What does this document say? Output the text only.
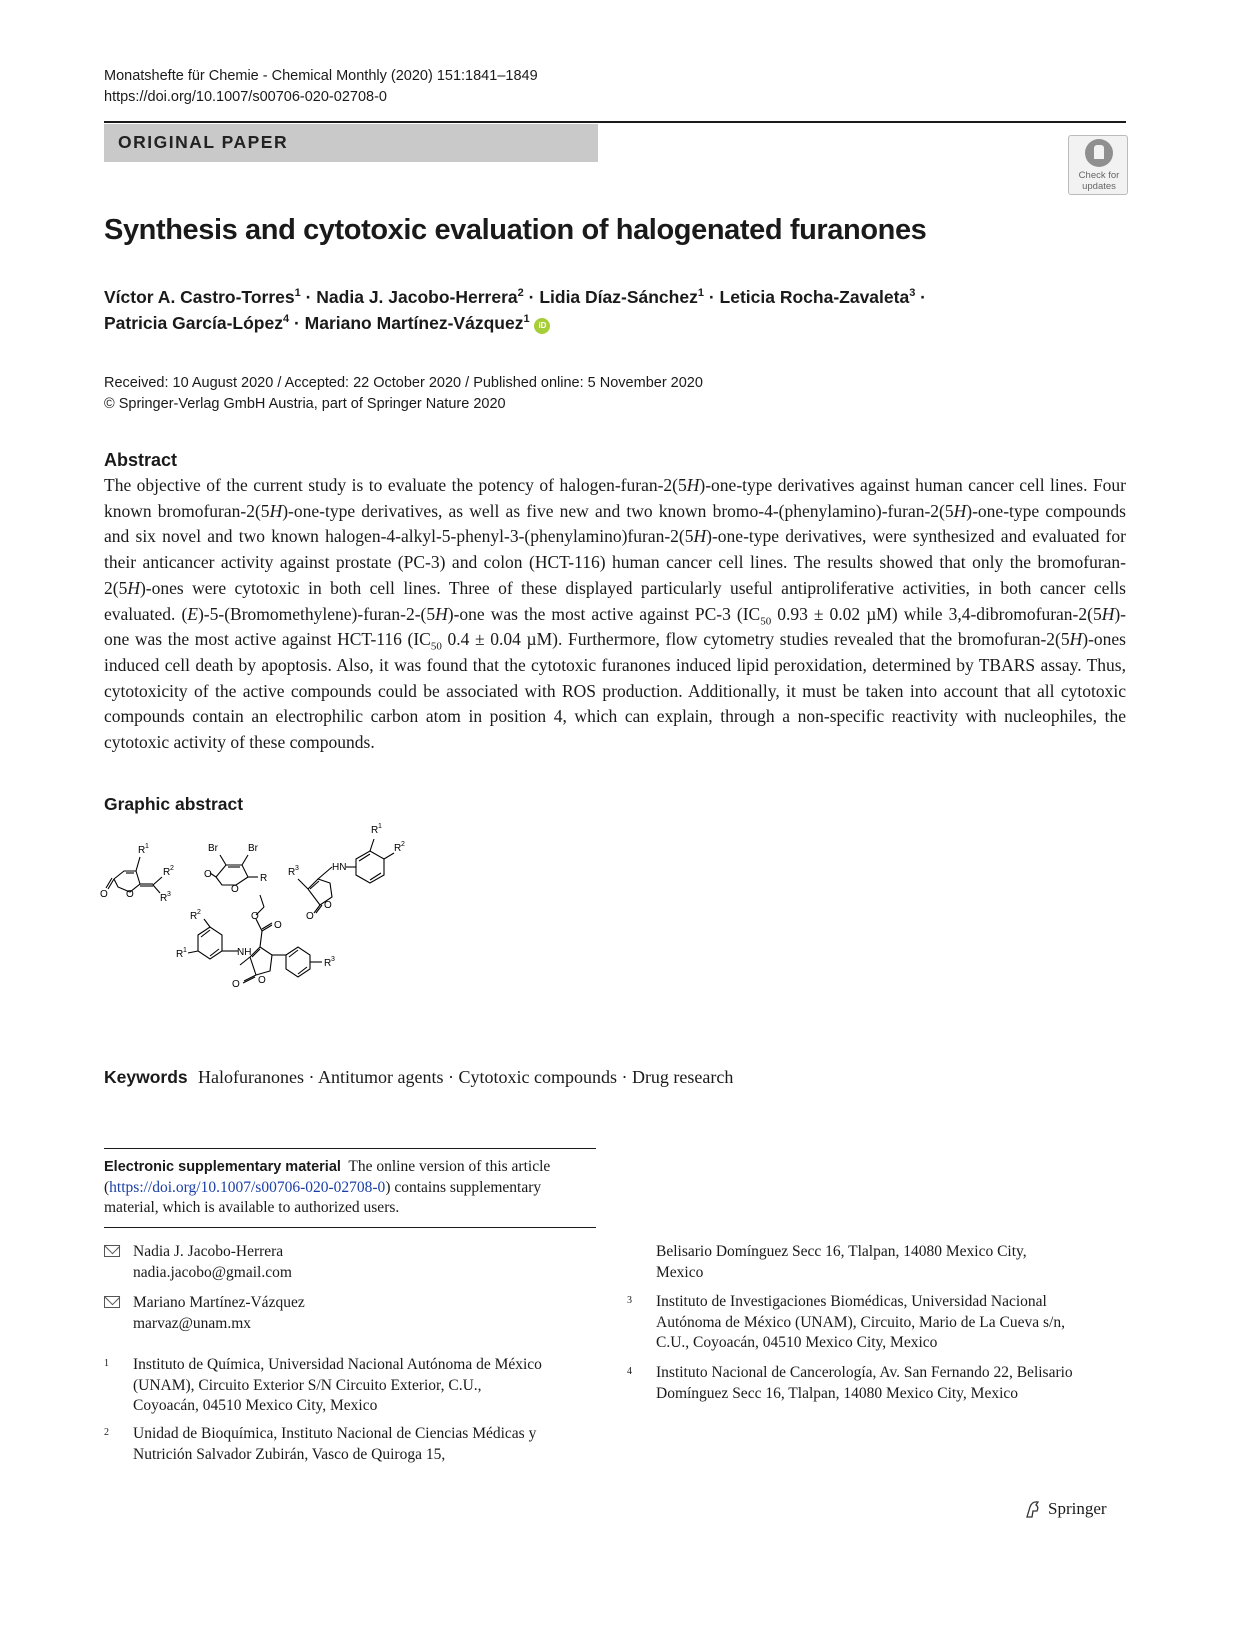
Monatshefte für Chemie - Chemical Monthly (2020) 151:1841–1849
https://doi.org/10.1007/s00706-020-02708-0
ORIGINAL PAPER
Check for updates
Synthesis and cytotoxic evaluation of halogenated furanones
Víctor A. Castro-Torres$^1$ · Nadia J. Jacobo-Herrera$^2$ · Lidia Díaz-Sánchez$^1$ · Leticia Rocha-Zavaleta$^3$ ·
Patricia García-López$^4$ · Mariano Martínez-Vázquez$^1$ iD
Received: 10 August 2020 / Accepted: 22 October 2020 / Published online: 5 November 2020
© Springer-Verlag GmbH Austria, part of Springer Nature 2020
Abstract
The objective of the current study is to evaluate the potency of halogen-furan-2(5H)-one-type derivatives against human cancer cell lines. Four known bromofuran-2(5H)-one-type derivatives, as well as five new and two known bromo-4-(phenylamino)-furan-2(5H)-one-type compounds and six novel and two known halogen-4-alkyl-5-phenyl-3-(phenylamino)furan-2(5H)-one-type derivatives, were synthesized and evaluated for their anticancer activity against prostate (PC-3) and colon (HCT-116) human cancer cell lines. The results showed that only the bromofuran-2(5H)-ones were cytotoxic in both cell lines. Three of these displayed particularly useful antiproliferative activities, in both cancer cells evaluated. (E)-5-(Bromomethylene)-furan-2-(5H)-one was the most active against PC-3 ($IC_{50}$ 0.93 ± 0.02 µM) while 3,4-dibromofuran-2(5H)-one was the most active against HCT-116 ($IC_{50}$ 0.4 ± 0.04 µM). Furthermore, flow cytometry studies revealed that the bromofuran-2(5H)-ones induced cell death by apoptosis. Also, it was found that the cytotoxic furanones induced lipid peroxidation, determined by TBARS assay. Thus, cytotoxicity of the active compounds could be associated with ROS production. Additionally, it must be taken into account that all cytotoxic compounds contain an electrophilic carbon atom in position 4, which can explain, through a non-specific reactivity with nucleophiles, the cytotoxic activity of these compounds.
Graphic abstract
R 1
R 2
R 3
O
O
Br	Br
R
O
O
HN
R 3
R 1
R 2
O
O
R 2
R 1	NH
O
O
O
O
R 3
Keywords Halofuranones · Antitumor agents · Cytotoxic compounds · Drug research
Electronic supplementary material The online version of this article (https://doi.org/10.1007/s00706-020-02708-0) contains supplementary material, which is available to authorized users.
Nadia J. Jacobo-Herrera
nadia.jacobo@gmail.com
Mariano Martínez-Vázquez
marvaz@unam.mx
1 Instituto de Química, Universidad Nacional Autónoma de México (UNAM), Circuito Exterior S/N Circuito Exterior, C.U., Coyoacán, 04510 Mexico City, Mexico
2 Unidad de Bioquímica, Instituto Nacional de Ciencias Médicas y Nutrición Salvador Zubirán, Vasco de Quiroga 15,
Belisario Domínguez Secc 16, Tlalpan, 14080 Mexico City, Mexico
3 Instituto de Investigaciones Biomédicas, Universidad Nacional Autónoma de México (UNAM), Circuito, Mario de La Cueva s/n, C.U., Coyoacán, 04510 Mexico City, Mexico
4 Instituto Nacional de Cancerología, Av. San Fernando 22, Belisario Domínguez Secc 16, Tlalpan, 14080 Mexico City, Mexico
Springer
